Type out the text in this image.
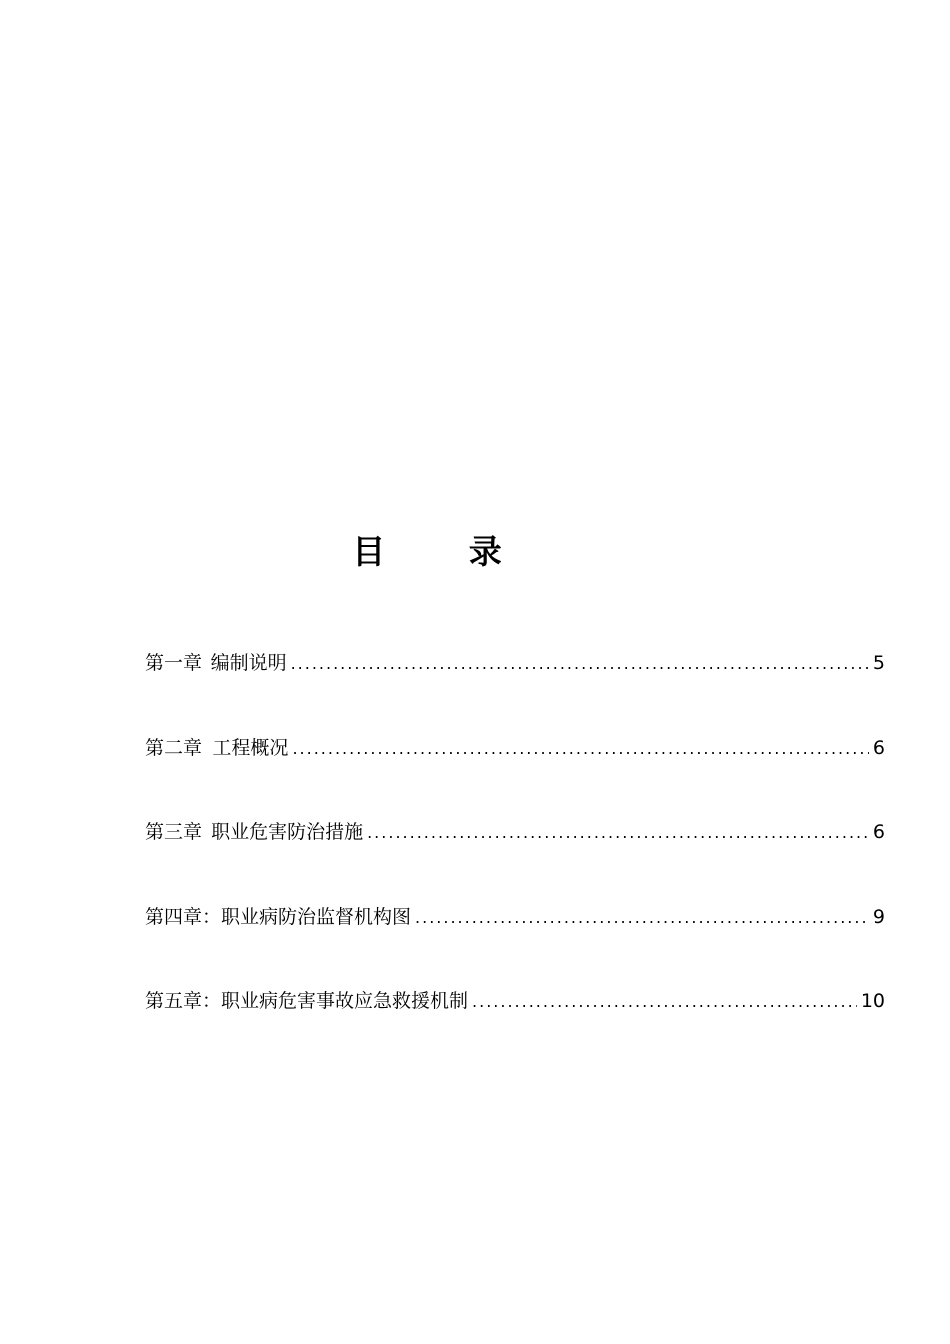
目 录
第一章 编制说明 .....	5
第二章 工程概况 .....	6
第三章 职业危害防治措施 .....	6
第四章： 职业病防治监督机构图 .....	9
第五章： 职业病危害事故应急救援机制 .....	10
